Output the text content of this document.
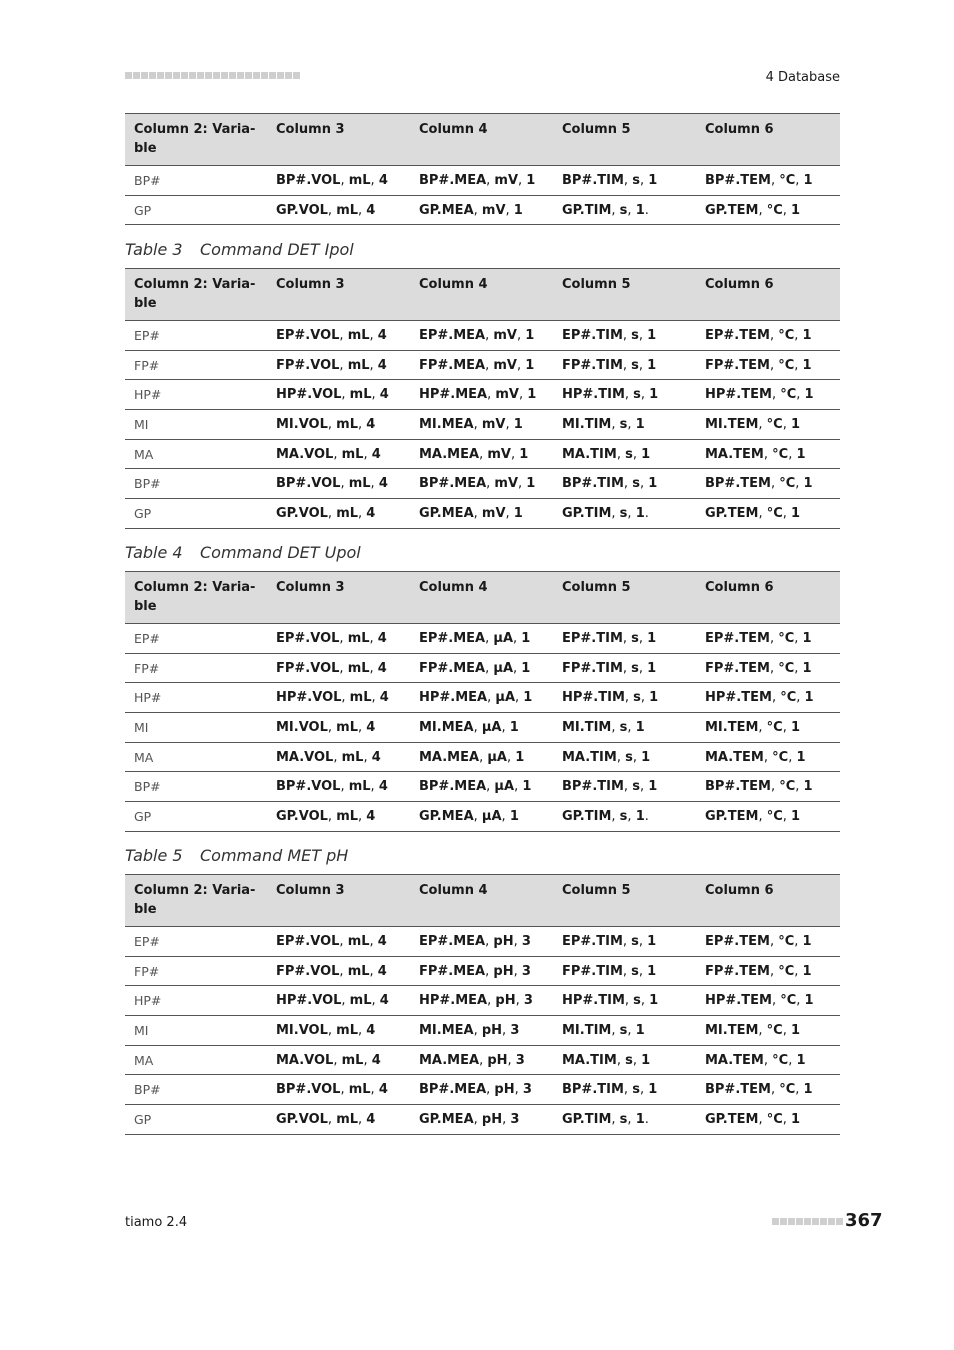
4 Database
Column 2: Varia-
ble	Column 3	Column 4	Column 5	Column 6
BP#	BP#.VOL, mL, 4	BP#.MEA, mV, 1	BP#.TIM, s, 1	BP#.TEM, °C, 1
GP	GP.VOL, mL, 4	GP.MEA, mV, 1	GP.TIM, s, 1.	GP.TEM, °C, 1
Table 3 Command DET Ipol
Column 2: Varia-
ble	Column 3	Column 4	Column 5	Column 6
EP#	EP#.VOL, mL, 4	EP#.MEA, mV, 1	EP#.TIM, s, 1	EP#.TEM, °C, 1
FP#	FP#.VOL, mL, 4	FP#.MEA, mV, 1	FP#.TIM, s, 1	FP#.TEM, °C, 1
HP#	HP#.VOL, mL, 4	HP#.MEA, mV, 1	HP#.TIM, s, 1	HP#.TEM, °C, 1
MI	MI.VOL, mL, 4	MI.MEA, mV, 1	MI.TIM, s, 1	MI.TEM, °C, 1
MA	MA.VOL, mL, 4	MA.MEA, mV, 1	MA.TIM, s, 1	MA.TEM, °C, 1
BP#	BP#.VOL, mL, 4	BP#.MEA, mV, 1	BP#.TIM, s, 1	BP#.TEM, °C, 1
GP	GP.VOL, mL, 4	GP.MEA, mV, 1	GP.TIM, s, 1.	GP.TEM, °C, 1
Table 4 Command DET Upol
Column 2: Varia-
ble	Column 3	Column 4	Column 5	Column 6
EP#	EP#.VOL, mL, 4	EP#.MEA, µA, 1	EP#.TIM, s, 1	EP#.TEM, °C, 1
FP#	FP#.VOL, mL, 4	FP#.MEA, µA, 1	FP#.TIM, s, 1	FP#.TEM, °C, 1
HP#	HP#.VOL, mL, 4	HP#.MEA, µA, 1	HP#.TIM, s, 1	HP#.TEM, °C, 1
MI	MI.VOL, mL, 4	MI.MEA, µA, 1	MI.TIM, s, 1	MI.TEM, °C, 1
MA	MA.VOL, mL, 4	MA.MEA, µA, 1	MA.TIM, s, 1	MA.TEM, °C, 1
BP#	BP#.VOL, mL, 4	BP#.MEA, µA, 1	BP#.TIM, s, 1	BP#.TEM, °C, 1
GP	GP.VOL, mL, 4	GP.MEA, µA, 1	GP.TIM, s, 1.	GP.TEM, °C, 1
Table 5 Command MET pH
Column 2: Varia-
ble	Column 3	Column 4	Column 5	Column 6
EP#	EP#.VOL, mL, 4	EP#.MEA, pH, 3	EP#.TIM, s, 1	EP#.TEM, °C, 1
FP#	FP#.VOL, mL, 4	FP#.MEA, pH, 3	FP#.TIM, s, 1	FP#.TEM, °C, 1
HP#	HP#.VOL, mL, 4	HP#.MEA, pH, 3	HP#.TIM, s, 1	HP#.TEM, °C, 1
MI	MI.VOL, mL, 4	MI.MEA, pH, 3	MI.TIM, s, 1	MI.TEM, °C, 1
MA	MA.VOL, mL, 4	MA.MEA, pH, 3	MA.TIM, s, 1	MA.TEM, °C, 1
BP#	BP#.VOL, mL, 4	BP#.MEA, pH, 3	BP#.TIM, s, 1	BP#.TEM, °C, 1
GP	GP.VOL, mL, 4	GP.MEA, pH, 3	GP.TIM, s, 1.	GP.TEM, °C, 1
tiamo 2.4	367
